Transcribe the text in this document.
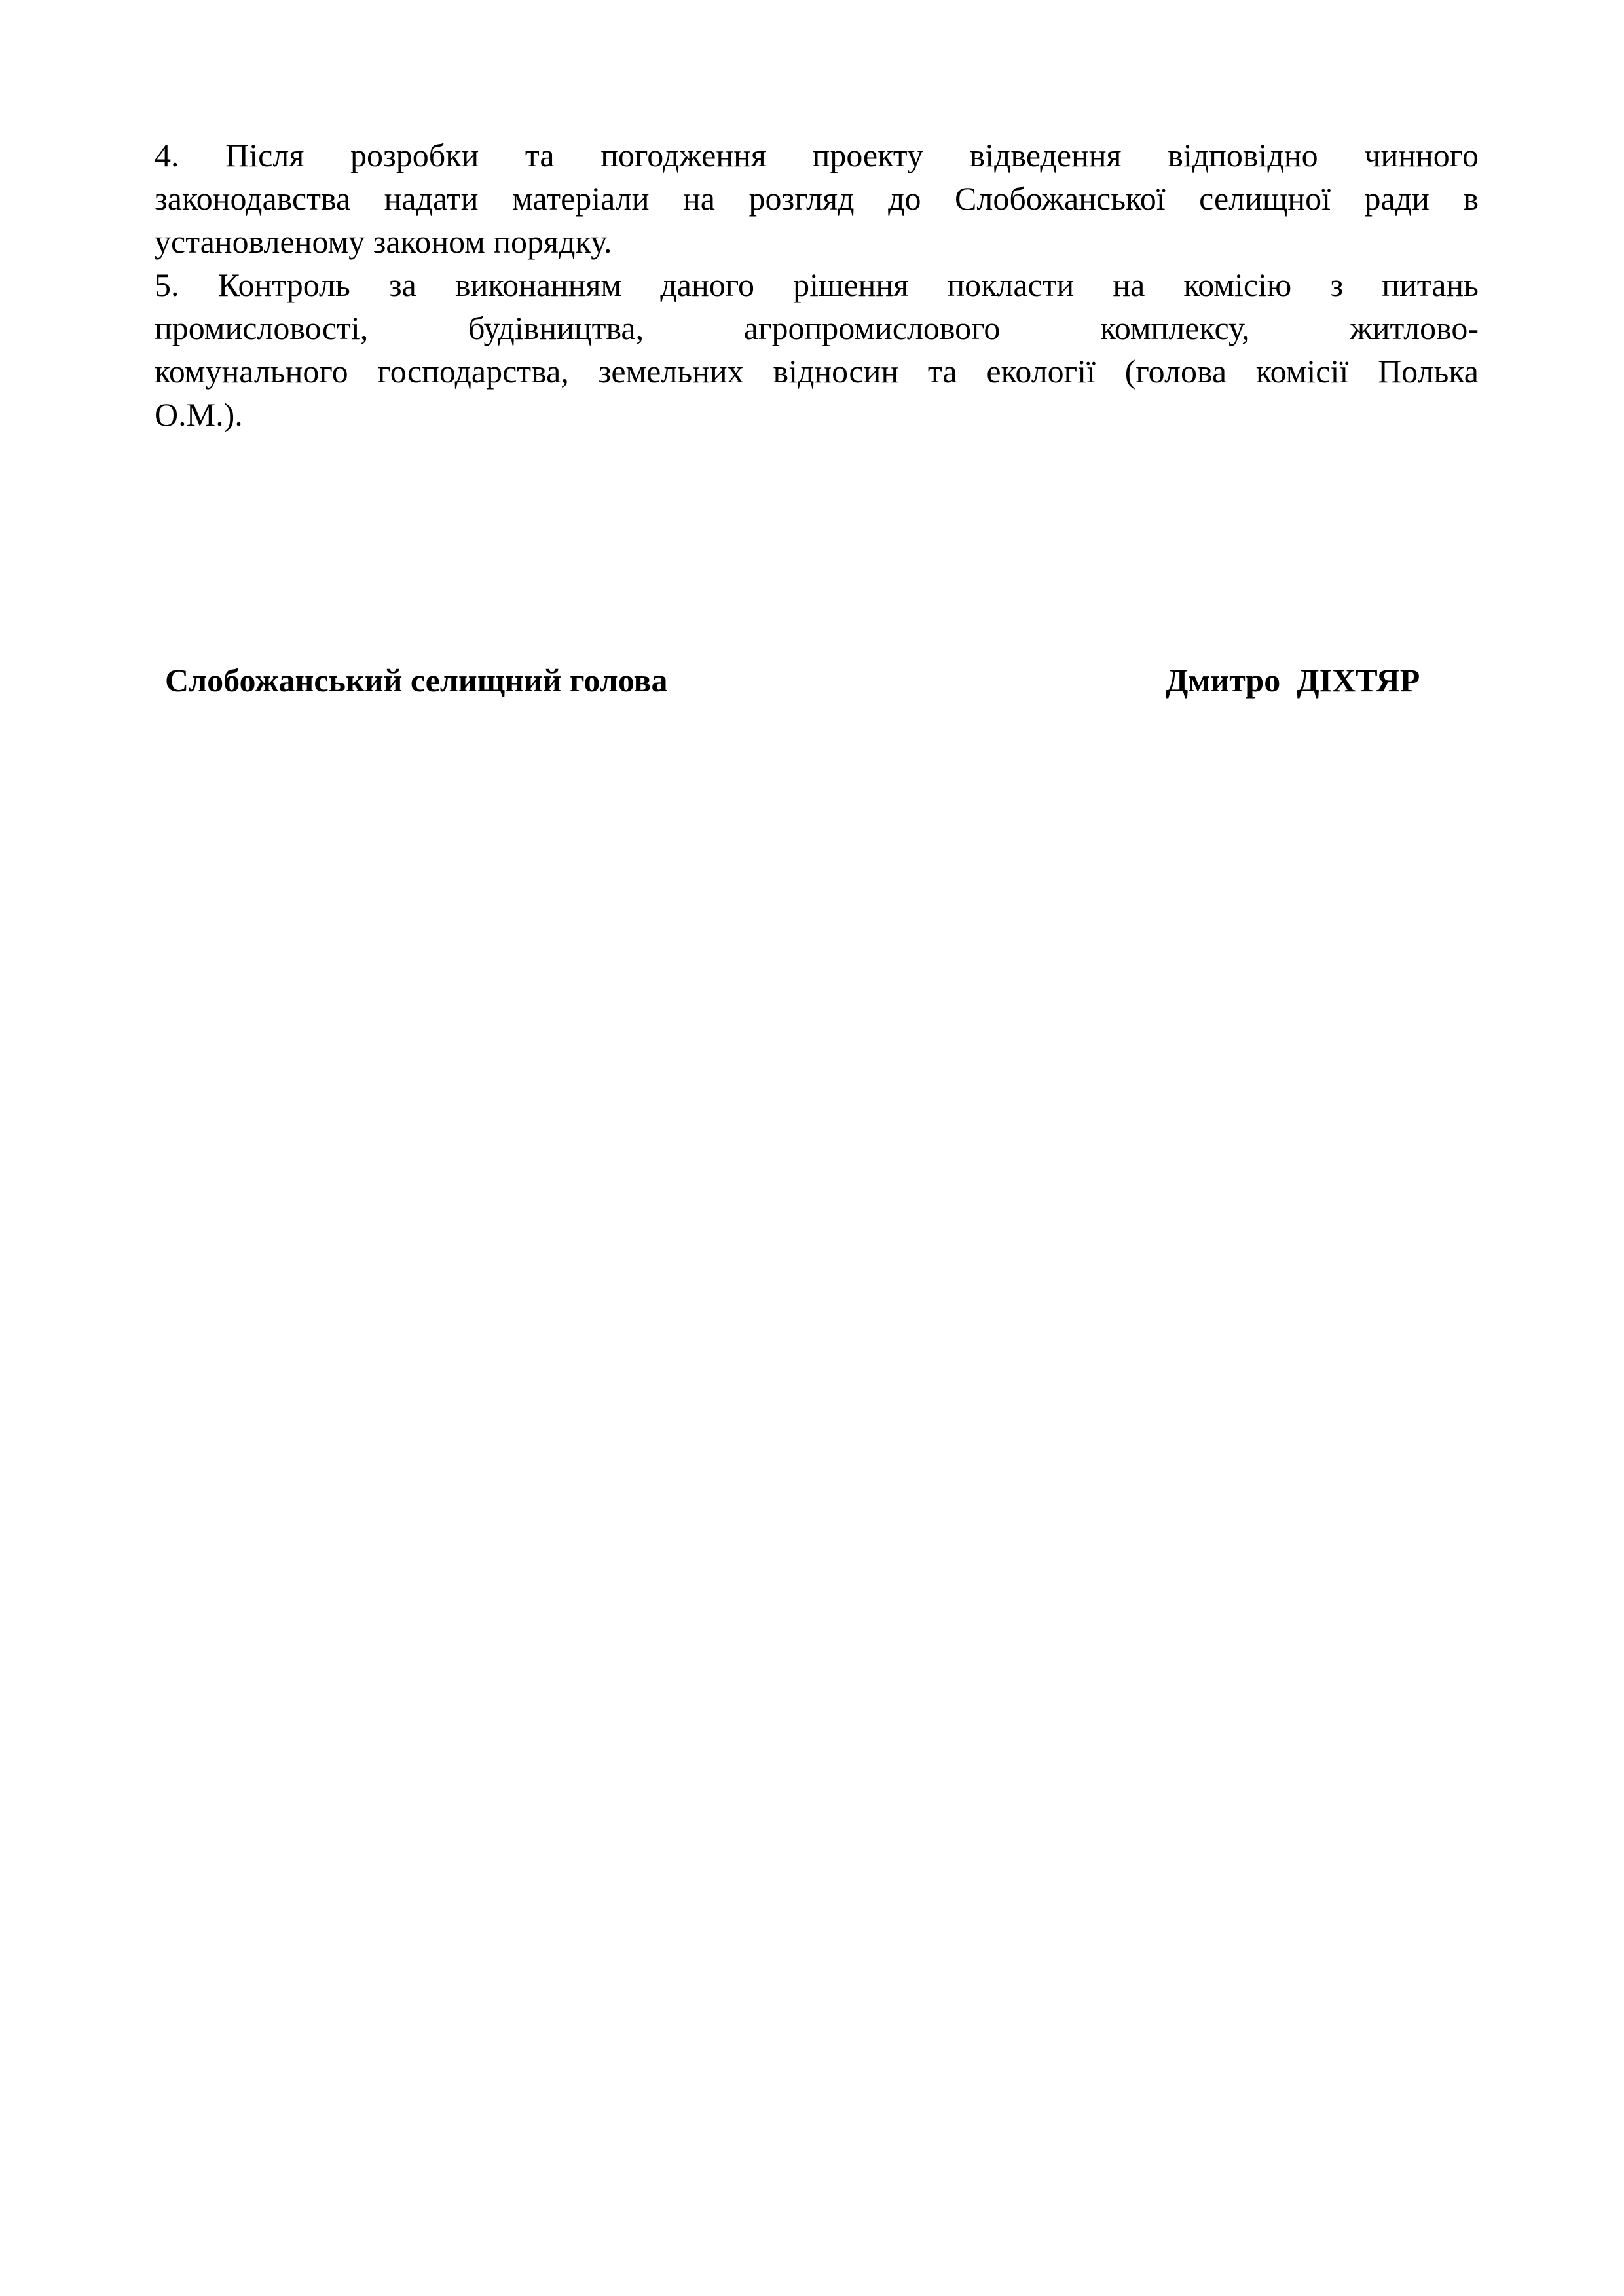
4. Після розробки та погодження проекту відведення відповідно чинного
законодавства надати матеріали на розгляд до Слобожанської селищної ради в
установленому законом порядку.
5. Контроль за виконанням даного рішення покласти на комісію з питань
промисловості, будівництва, агропромислового комплексу, житлово-
комунального господарства, земельних відносин та екології (голова комісії Полька
О.М.).
Слобожанський селищний голова	Дмитро  ДІХТЯР
